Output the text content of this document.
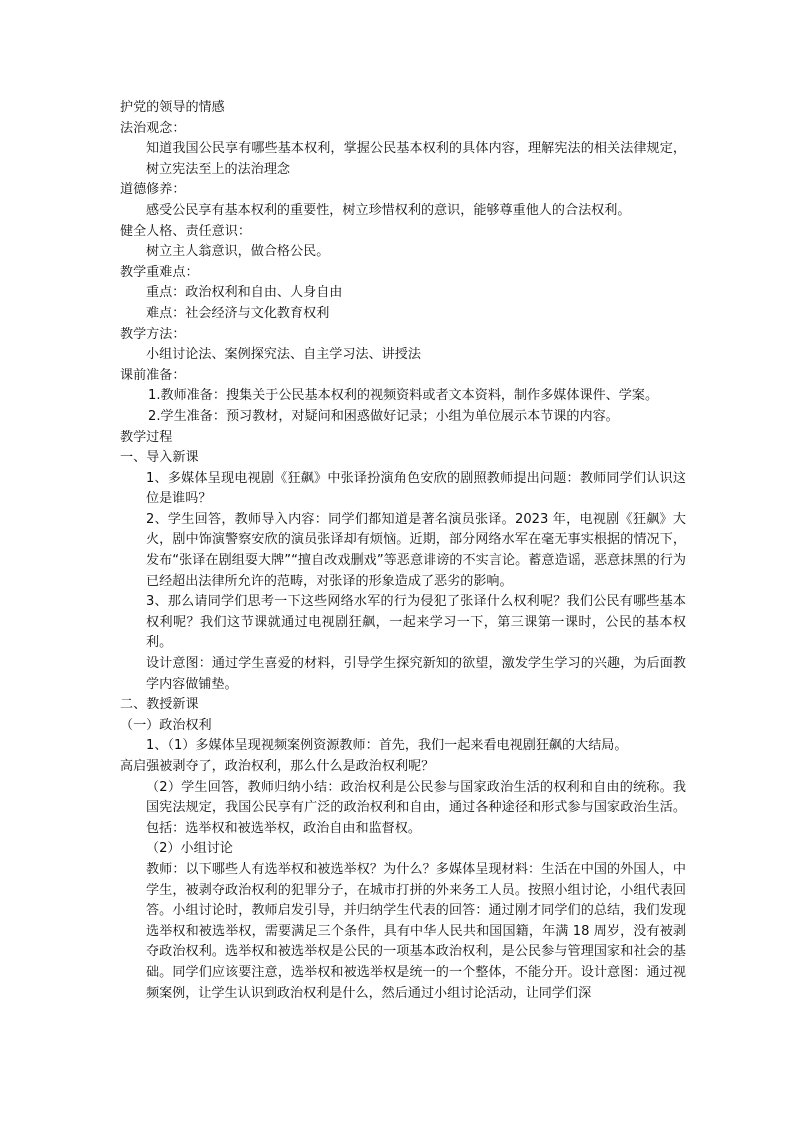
护党的领导的情感
法治观念：
知道我国公民享有哪些基本权利，掌握公民基本权利的具体内容，理解宪法的相关法律规定，树立宪法至上的法治理念
道德修养：
感受公民享有基本权利的重要性，树立珍惜权利的意识，能够尊重他人的合法权利。
健全人格、责任意识：
树立主人翁意识，做合格公民。
教学重难点：
重点：政治权利和自由、人身自由
难点：社会经济与文化教育权利
教学方法：
小组讨论法、案例探究法、自主学习法、讲授法
课前准备：
1.教师准备：搜集关于公民基本权利的视频资料或者文本资料，制作多媒体课件、学案。
2.学生准备：预习教材，对疑问和困惑做好记录；小组为单位展示本节课的内容。
教学过程
一、导入新课
1、多媒体呈现电视剧《狂飙》中张译扮演角色安欣的剧照教师提出问题：教师同学们认识这位是谁吗？
2、学生回答，教师导入内容：同学们都知道是著名演员张译。2023 年，电视剧《狂飙》大火，剧中饰演警察安欣的演员张译却有烦恼。近期，部分网络水军在毫无事实根据的情况下，发布“张译在剧组耍大牌”“擅自改戏删戏”等恶意诽谤的不实言论。蓄意造谣，恶意抹黑的行为已经超出法律所允许的范畴，对张译的形象造成了恶劣的影响。
3、那么请同学们思考一下这些网络水军的行为侵犯了张译什么权利呢？我们公民有哪些基本权利呢？我们这节课就通过电视剧狂飙，一起来学习一下，第三课第一课时，公民的基本权利。
设计意图：通过学生喜爱的材料，引导学生探究新知的欲望，激发学生学习的兴趣，为后面教学内容做铺垫。
二、教授新课
（一）政治权利
1、（1）多媒体呈现视频案例资源教师：首先，我们一起来看电视剧狂飙的大结局。
高启强被剥夺了，政治权利，那么什么是政治权利呢？
（2）学生回答，教师归纳小结：政治权利是公民参与国家政治生活的权利和自由的统称。我国宪法规定，我国公民享有广泛的政治权利和自由，通过各种途径和形式参与国家政治生活。包括：选举权和被选举权，政治自由和监督权。
（2）小组讨论
教师：以下哪些人有选举权和被选举权？为什么？多媒体呈现材料：生活在中国的外国人，中学生，被剥夺政治权利的犯罪分子，在城市打拼的外来务工人员。按照小组讨论，小组代表回答。小组讨论时，教师启发引导，并归纳学生代表的回答：通过刚才同学们的总结，我们发现选举权和被选举权，需要满足三个条件，具有中华人民共和国国籍，年满 18 周岁，没有被剥夺政治权利。选举权和被选举权是公民的一项基本政治权利，是公民参与管理国家和社会的基础。同学们应该要注意，选举权和被选举权是统一的一个整体，不能分开。设计意图：通过视频案例，让学生认识到政治权利是什么，然后通过小组讨论活动，让同学们深
